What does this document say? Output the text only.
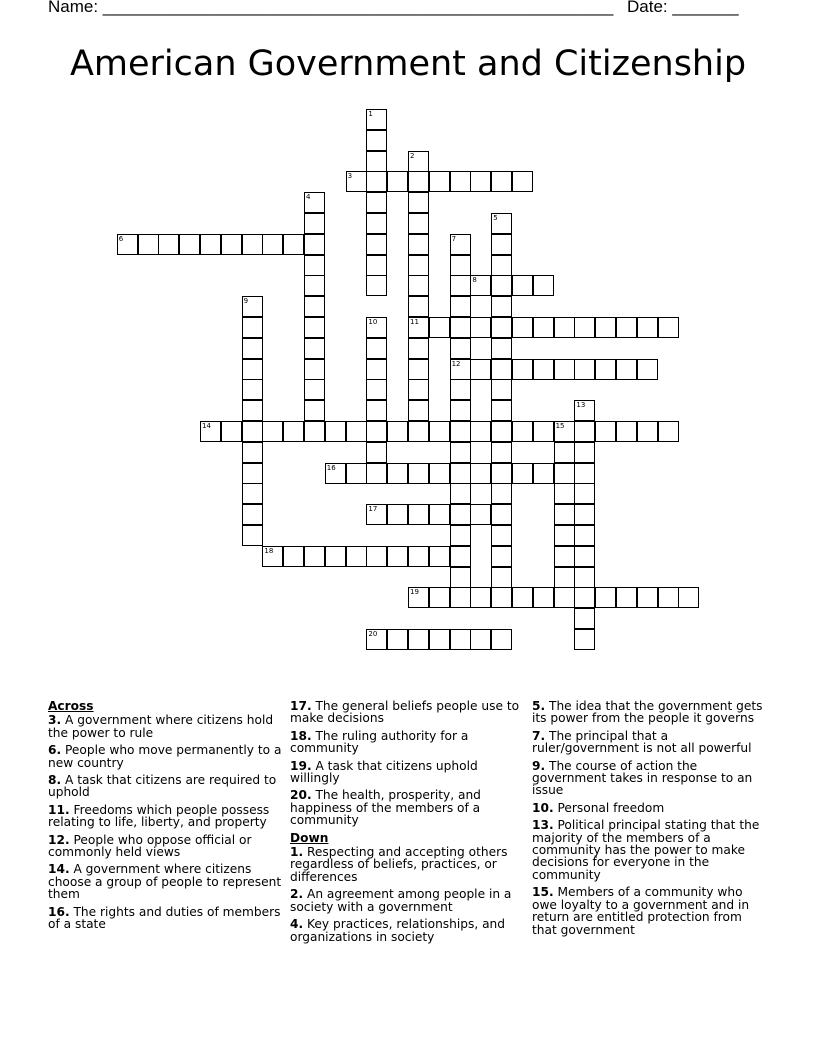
Name: ______________________________________________________ Date: _______
American Government and Citizenship
1
2
11
3
4
5
6	7
12
8
9
10
13
14	15
16
17
18
19
20
Across
3. A government where citizens hold the power to rule
6. People who move permanently to a new country
8. A task that citizens are required to uphold
11. Freedoms which people possess relating to life, liberty, and property
12. People who oppose official or commonly held views
14. A government where citizens choose a group of people to represent them
16. The rights and duties of members of a state
17. The general beliefs people use to make decisions
18. The ruling authority for a community
19. A task that citizens uphold willingly
20. The health, prosperity, and happiness of the members of a community
Down
1. Respecting and accepting others regardless of beliefs, practices, or differences
2. An agreement among people in a society with a government
4. Key practices, relationships, and organizations in society
5. The idea that the government gets its power from the people it governs
7. The principal that a ruler/government is not all powerful
9. The course of action the government takes in response to an issue
10. Personal freedom
13. Political principal stating that the majority of the members of a community has the power to make decisions for everyone in the community
15. Members of a community who owe loyalty to a government and in return are entitled protection from that government
